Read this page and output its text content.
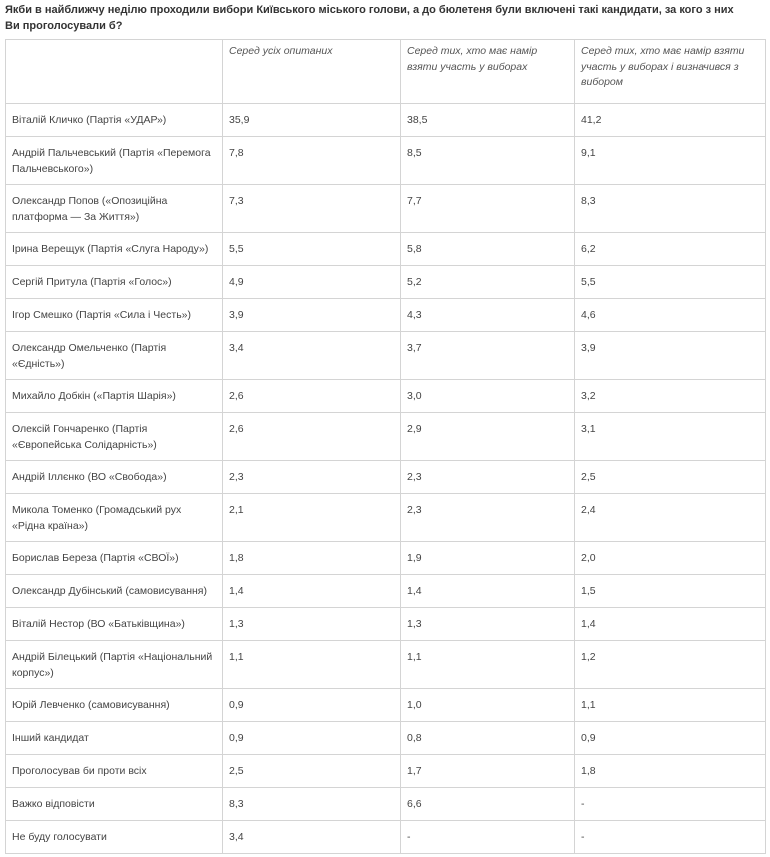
Якби в найближчу неділю проходили вибори Київського міського голови, а до бюлетеня були включені такі кандидати, за кого з них Ви проголосували б?
	Серед усіх опитаних	Серед тих, хто має намір взяти участь у виборах	Серед тих, хто має намір взяти участь у виборах і визначився з вибором
Віталій Кличко (Партія «УДАР»)	35,9	38,5	41,2
Андрій Пальчевський (Партія «Перемога Пальчевського»)	7,8	8,5	9,1
Олександр Попов («Опозиційна платформа — За Життя»)	7,3	7,7	8,3
Ірина Верещук (Партія «Слуга Народу»)	5,5	5,8	6,2
Сергій Притула (Партія «Голос»)	4,9	5,2	5,5
Ігор Смешко (Партія «Сила і Честь»)	3,9	4,3	4,6
Олександр Омельченко (Партія «Єдність»)	3,4	3,7	3,9
Михайло Добкін («Партія Шарія»)	2,6	3,0	3,2
Олексій Гончаренко (Партія «Європейська Солідарність»)	2,6	2,9	3,1
Андрій Іллєнко (ВО «Свобода»)	2,3	2,3	2,5
Микола Томенко (Громадський рух «Рідна країна»)	2,1	2,3	2,4
Борислав Береза (Партія «СВОЇ»)	1,8	1,9	2,0
Олександр Дубінський (самовисування)	1,4	1,4	1,5
Віталій Нестор (ВО «Батьківщина»)	1,3	1,3	1,4
Андрій Білецький (Партія «Національний корпус»)	1,1	1,1	1,2
Юрій Левченко (самовисування)	0,9	1,0	1,1
Інший кандидат	0,9	0,8	0,9
Проголосував би проти всіх	2,5	1,7	1,8
Важко відповісти	8,3	6,6	-
Не буду голосувати	3,4	-	-
